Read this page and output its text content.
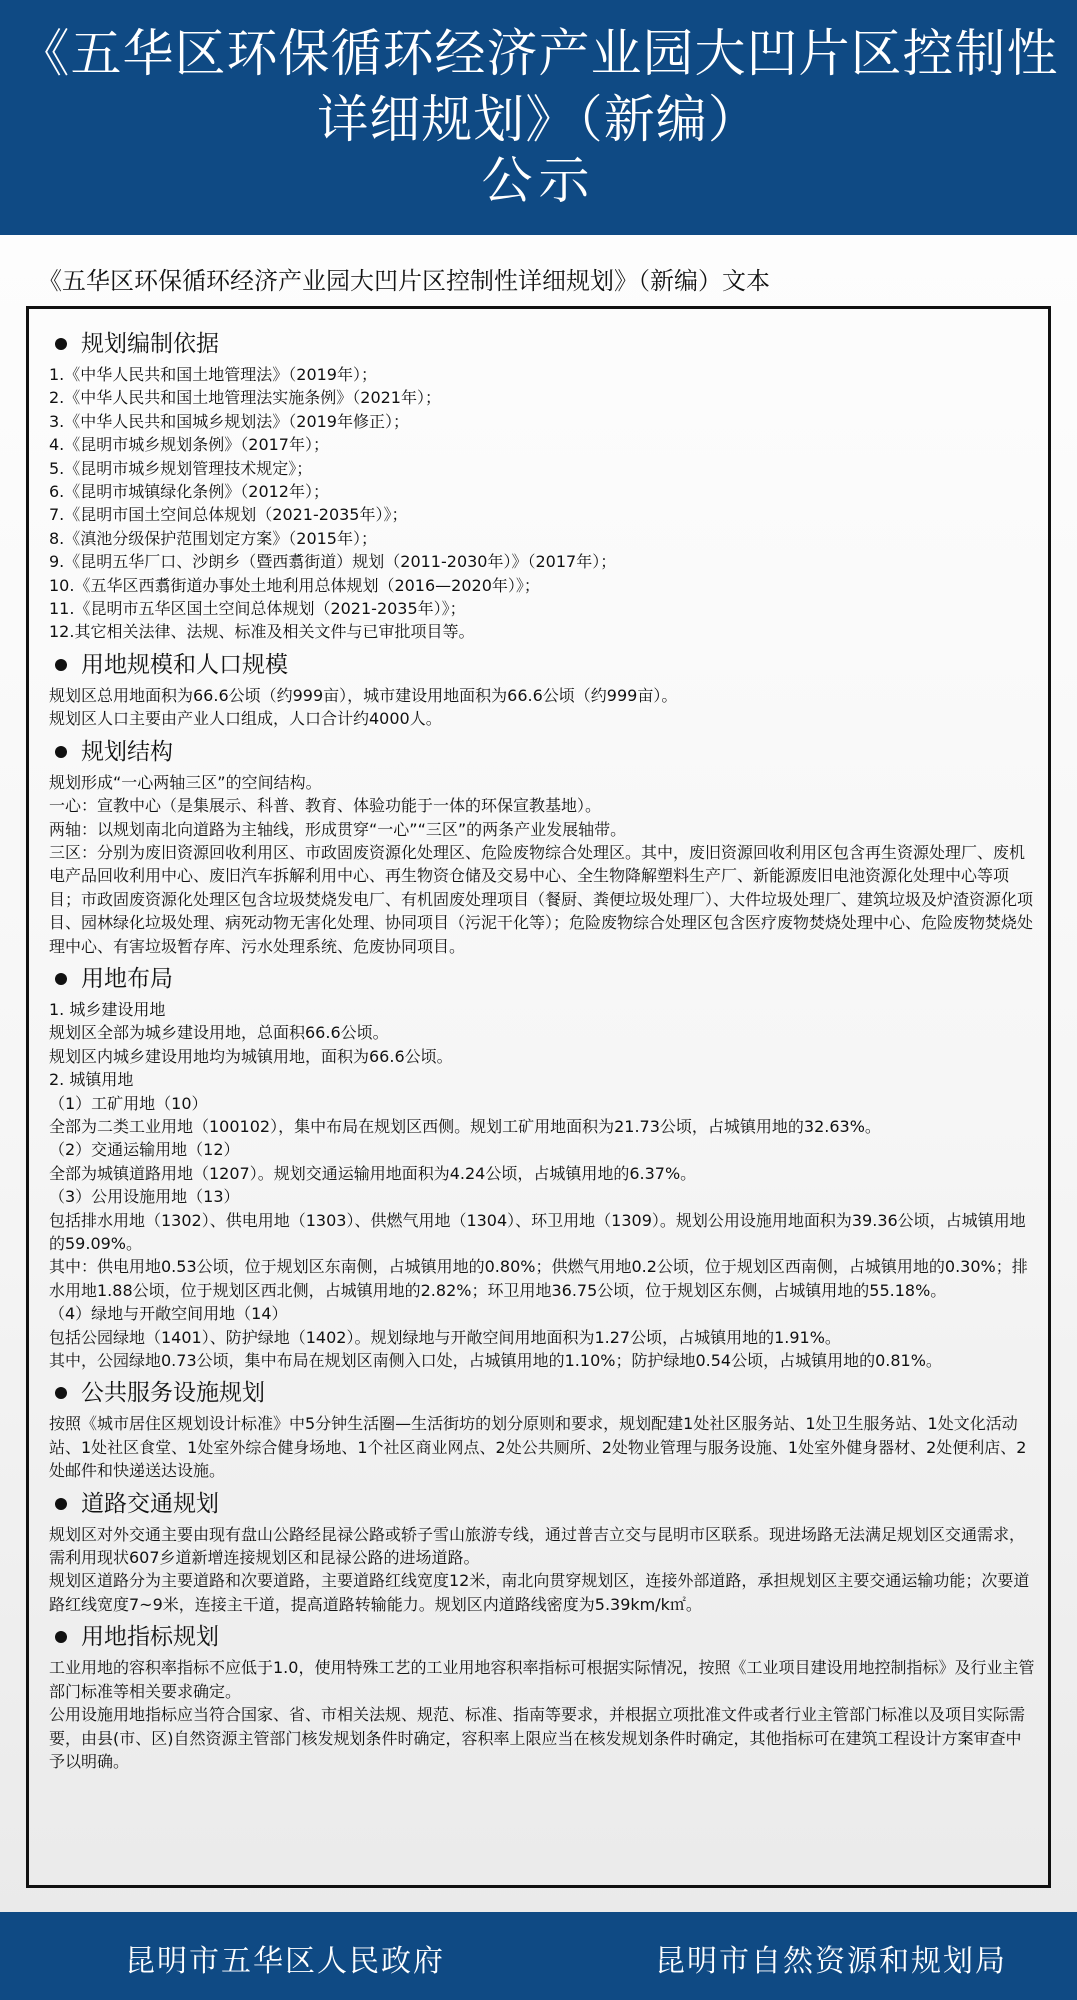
《五华区环保循环经济产业园大凹片区控制性详细规划》（新编）
公示
《五华区环保循环经济产业园大凹片区控制性详细规划》（新编）文本
规划编制依据

1.《中华人民共和国土地管理法》（2019年）；

2.《中华人民共和国土地管理法实施条例》（2021年）；

3.《中华人民共和国城乡规划法》（2019年修正）；

4.《昆明市城乡规划条例》（2017年）；

5.《昆明市城乡规划管理技术规定》；

6.《昆明市城镇绿化条例》（2012年）；

7.《昆明市国土空间总体规划（2021-2035年）》；

8.《滇池分级保护范围划定方案》（2015年）；

9.《昆明五华厂口、沙朗乡（暨西翥街道）规划（2011-2030年）》（2017年）；

10.《五华区西翥街道办事处土地利用总体规划（2016—2020年）》；

11.《昆明市五华区国土空间总体规划（2021-2035年）》；

12.其它相关法律、法规、标准及相关文件与已审批项目等。

用地规模和人口规模

规划区总用地面积为66.6公顷（约999亩），城市建设用地面积为66.6公顷（约999亩）。

规划区人口主要由产业人口组成，人口合计约4000人。

规划结构

规划形成“一心两轴三区”的空间结构。

一心：宣教中心（是集展示、科普、教育、体验功能于一体的环保宣教基地）。

两轴：以规划南北向道路为主轴线，形成贯穿“一心”“三区”的两条产业发展轴带。

三区：分别为废旧资源回收利用区、市政固废资源化处理区、危险废物综合处理区。其中，废旧资源回收利用区包含再生资源处理厂、废机电产品回收利用中心、废旧汽车拆解利用中心、再生物资仓储及交易中心、全生物降解塑料生产厂、新能源废旧电池资源化处理中心等项目；市政固废资源化处理区包含垃圾焚烧发电厂、有机固废处理项目（餐厨、粪便垃圾处理厂）、大件垃圾处理厂、建筑垃圾及炉渣资源化项目、园林绿化垃圾处理、病死动物无害化处理、协同项目（污泥干化等）；危险废物综合处理区包含医疗废物焚烧处理中心、危险废物焚烧处理中心、有害垃圾暂存库、污水处理系统、危废协同项目。

用地布局

1. 城乡建设用地

规划区全部为城乡建设用地，总面积66.6公顷。

规划区内城乡建设用地均为城镇用地，面积为66.6公顷。

2. 城镇用地

（1）工矿用地（10）

全部为二类工业用地（100102），集中布局在规划区西侧。规划工矿用地面积为21.73公顷，占城镇用地的32.63%。

（2）交通运输用地（12）

全部为城镇道路用地（1207）。规划交通运输用地面积为4.24公顷，占城镇用地的6.37%。

（3）公用设施用地（13）

包括排水用地（1302）、供电用地（1303）、供燃气用地（1304）、环卫用地（1309）。规划公用设施用地面积为39.36公顷，占城镇用地的59.09%。

其中：供电用地0.53公顷，位于规划区东南侧，占城镇用地的0.80%；供燃气用地0.2公顷，位于规划区西南侧，占城镇用地的0.30%；排水用地1.88公顷，位于规划区西北侧，占城镇用地的2.82%；环卫用地36.75公顷，位于规划区东侧，占城镇用地的55.18%。

（4）绿地与开敞空间用地（14）

包括公园绿地（1401）、防护绿地（1402）。规划绿地与开敞空间用地面积为1.27公顷，占城镇用地的1.91%。

其中，公园绿地0.73公顷，集中布局在规划区南侧入口处，占城镇用地的1.10%；防护绿地0.54公顷，占城镇用地的0.81%。

公共服务设施规划

按照《城市居住区规划设计标准》中5分钟生活圈—生活街坊的划分原则和要求，规划配建1处社区服务站、1处卫生服务站、1处文化活动站、1处社区食堂、1处室外综合健身场地、1个社区商业网点、2处公共厕所、2处物业管理与服务设施、1处室外健身器材、2处便利店、2处邮件和快递送达设施。

道路交通规划

规划区对外交通主要由现有盘山公路经昆禄公路或轿子雪山旅游专线，通过普吉立交与昆明市区联系。现进场路无法满足规划区交通需求，需利用现状607乡道新增连接规划区和昆禄公路的进场道路。

规划区道路分为主要道路和次要道路，主要道路红线宽度12米，南北向贯穿规划区，连接外部道路，承担规划区主要交通运输功能；次要道路红线宽度7~9米，连接主干道，提高道路转输能力。规划区内道路线密度为5.39km/k㎡。

用地指标规划

工业用地的容积率指标不应低于1.0，使用特殊工艺的工业用地容积率指标可根据实际情况，按照《工业项目建设用地控制指标》及行业主管部门标准等相关要求确定。

公用设施用地指标应当符合国家、省、市相关法规、规范、标准、指南等要求，并根据立项批准文件或者行业主管部门标准以及项目实际需要，由县(市、区)自然资源主管部门核发规划条件时确定，容积率上限应当在核发规划条件时确定，其他指标可在建筑工程设计方案审查中予以明确。

昆明市五华区人民政府	昆明市自然资源和规划局
